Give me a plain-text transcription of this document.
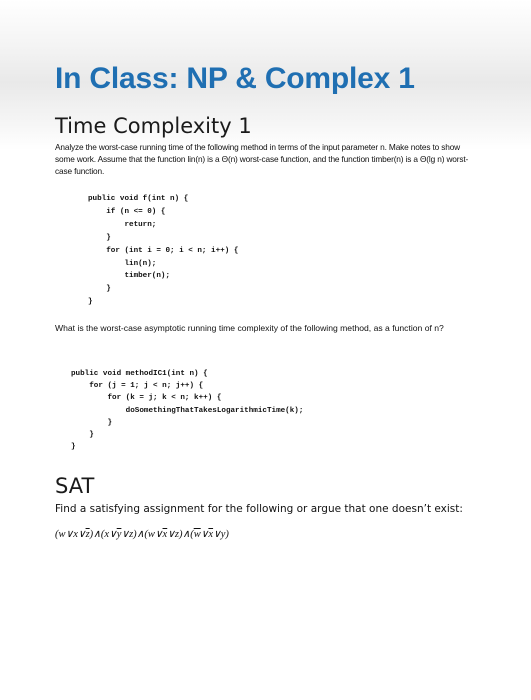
In Class: NP & Complex 1
Time Complexity 1
Analyze the worst-case running time of the following method in terms of the input parameter n. Make notes to show some work. Assume that the function lin(n) is a Θ(n) worst-case function, and the function timber(n) is a Θ(lg n) worst-case function.
public void f(int n) {
if (n <= 0) {
return;
}
for (int i = 0; i < n; i++) {
lin(n);
timber(n);
}
}
What is the worst-case asymptotic running time complexity of the following method, as a function of n?
public void methodIC1(int n) {
for (j = 1; j < n; j++) {
for (k = j; k < n; k++) {
doSomethingThatTakesLogarithmicTime(k);
}
}
}
SAT
Find a satisfying assignment for the following or argue that one doesn’t exist:
$(w\vee x\vee\overline{z})\wedge(x\vee\overline{y}\vee z)\wedge(w\vee\overline{x}\vee z)\wedge(\overline{w}\vee\overline{x}\vee y)$
